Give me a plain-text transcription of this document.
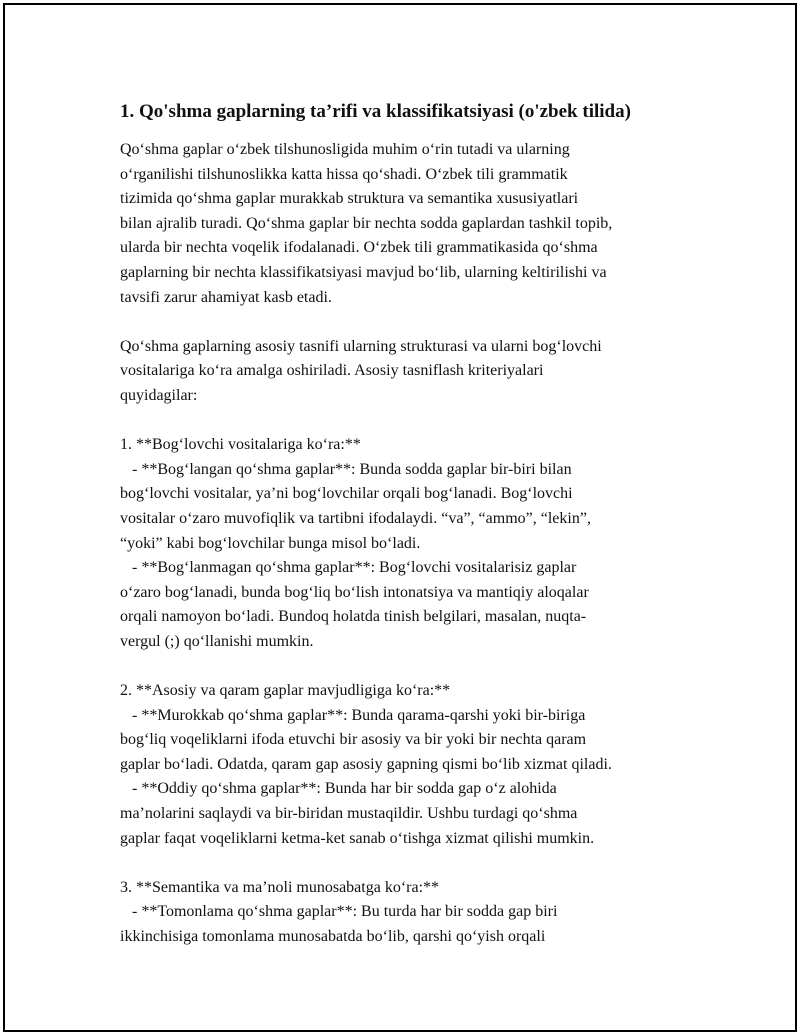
1. Qo'shma gaplarning ta’rifi va klassifikatsiyasi (o'zbek tilida)

Qo‘shma gaplar o‘zbek tilshunosligida muhim o‘rin tutadi va ularning
o‘rganilishi tilshunoslikka katta hissa qo‘shadi. O‘zbek tili grammatik
tizimida qo‘shma gaplar murakkab struktura va semantika xususiyatlari
bilan ajralib turadi. Qo‘shma gaplar bir nechta sodda gaplardan tashkil topib,
ularda bir nechta voqelik ifodalanadi. O‘zbek tili grammatikasida qo‘shma
gaplarning bir nechta klassifikatsiyasi mavjud bo‘lib, ularning keltirilishi va
tavsifi zarur ahamiyat kasb etadi.

Qo‘shma gaplarning asosiy tasnifi ularning strukturasi va ularni bog‘lovchi
vositalariga ko‘ra amalga oshiriladi. Asosiy tasniflash kriteriyalari
quyidagilar:

1. **Bog‘lovchi vositalariga ko‘ra:**
- **Bog‘langan qo‘shma gaplar**: Bunda sodda gaplar bir-biri bilan
bog‘lovchi vositalar, ya’ni bog‘lovchilar orqali bog‘lanadi. Bog‘lovchi
vositalar o‘zaro muvofiqlik va tartibni ifodalaydi. “va”, “ammo”, “lekin”,
“yoki” kabi bog‘lovchilar bunga misol bo‘ladi.
- **Bog‘lanmagan qo‘shma gaplar**: Bog‘lovchi vositalarisiz gaplar
o‘zaro bog‘lanadi, bunda bog‘liq bo‘lish intonatsiya va mantiqiy aloqalar
orqali namoyon bo‘ladi. Bundoq holatda tinish belgilari, masalan, nuqta-
vergul (;) qo‘llanishi mumkin.

2. **Asosiy va qaram gaplar mavjudligiga ko‘ra:**
- **Murokkab qo‘shma gaplar**: Bunda qarama-qarshi yoki bir-biriga
bog‘liq voqeliklarni ifoda etuvchi bir asosiy va bir yoki bir nechta qaram
gaplar bo‘ladi. Odatda, qaram gap asosiy gapning qismi bo‘lib xizmat qiladi.
- **Oddiy qo‘shma gaplar**: Bunda har bir sodda gap o‘z alohida
ma’nolarini saqlaydi va bir-biridan mustaqildir. Ushbu turdagi qo‘shma
gaplar faqat voqeliklarni ketma-ket sanab o‘tishga xizmat qilishi mumkin.

3. **Semantika va ma’noli munosabatga ko‘ra:**
- **Tomonlama qo‘shma gaplar**: Bu turda har bir sodda gap biri
ikkinchisiga tomonlama munosabatda bo‘lib, qarshi qo‘yish orqali
